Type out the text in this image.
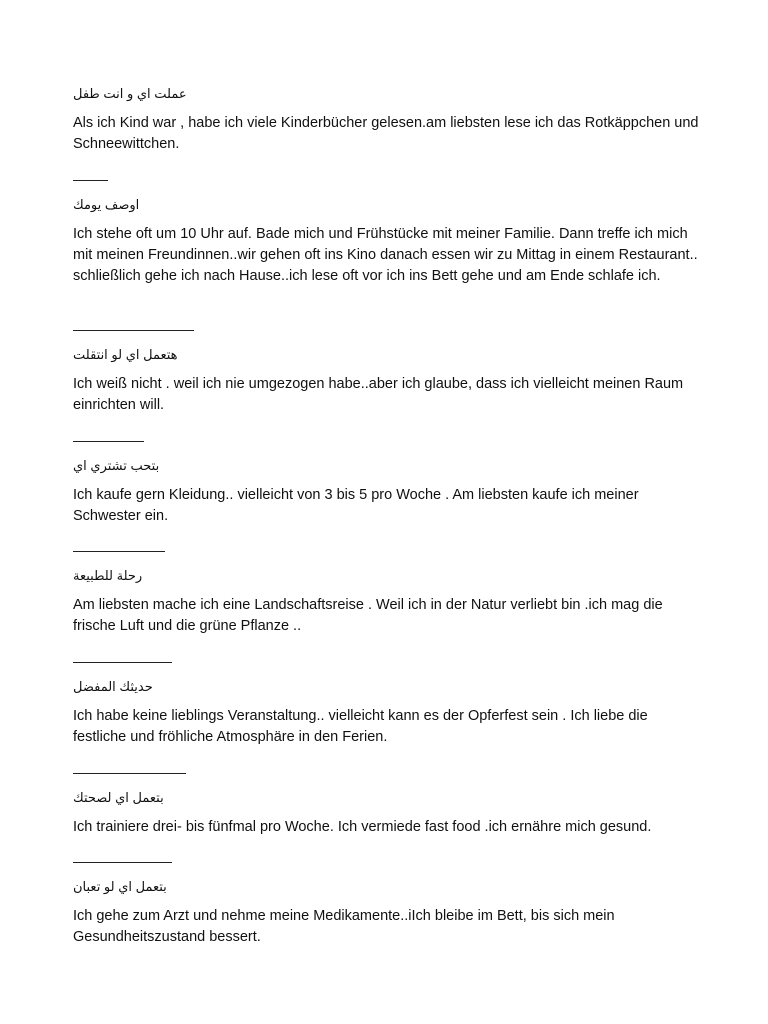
عملت اي و انت طفل
Als ich Kind war , habe ich viele Kinderbücher gelesen.am liebsten lese ich das Rotkäppchen und Schneewittchen.
اوصف يومك
Ich stehe oft um 10 Uhr auf. Bade mich und Frühstücke mit meiner Familie. Dann treffe ich mich mit meinen Freundinnen..wir gehen oft ins Kino danach essen wir zu Mittag in einem Restaurant.. schließlich gehe ich nach Hause..ich lese oft vor ich ins Bett gehe und am Ende schlafe ich.
هتعمل اي لو انتقلت
Ich weiß nicht . weil ich nie umgezogen habe..aber ich glaube, dass ich vielleicht meinen Raum einrichten will.
بتحب تشتري اي
Ich kaufe gern Kleidung.. vielleicht von 3 bis 5 pro Woche . Am liebsten kaufe ich meiner Schwester ein.
رحلة للطبيعة
Am liebsten mache ich eine Landschaftsreise . Weil ich in der Natur verliebt bin .ich mag die frische Luft und die grüne Pflanze ..
حديثك المفضل
Ich habe keine lieblings Veranstaltung.. vielleicht kann es der Opferfest sein . Ich liebe die festliche und fröhliche Atmosphäre in den Ferien.
بتعمل اي لصحتك
Ich trainiere drei- bis fünfmal pro Woche. Ich vermiede fast food .ich ernähre mich gesund.
بتعمل اي لو تعبان
Ich gehe zum Arzt und nehme meine Medikamente..iIch bleibe im Bett, bis sich mein Gesundheitszustand bessert.
